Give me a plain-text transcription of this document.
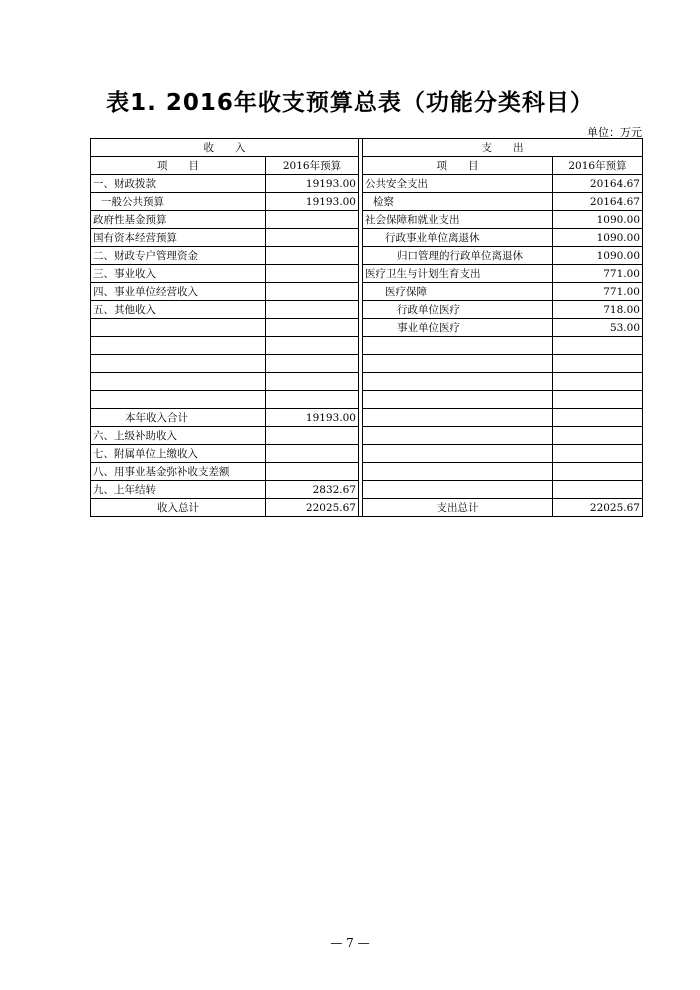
表1. 2016年收支预算总表（功能分类科目）
单位：万元
收　　入			支　　出	
项　　目	2016年预算		项　　目	2016年预算
一、财政拨款	19193.00		公共安全支出	20164.67
一般公共预算	19193.00		检察	20164.67
政府性基金预算			社会保障和就业支出	1090.00
国有资本经营预算			行政事业单位离退休	1090.00
二、财政专户管理资金			归口管理的行政单位离退休	1090.00
三、事业收入			医疗卫生与计划生育支出	771.00
四、事业单位经营收入			医疗保障	771.00
五、其他收入			行政单位医疗	718.00
			事业单位医疗	53.00

本年收入合计	19193.00			
六、上级补助收入				
七、附属单位上缴收入				
八、用事业基金弥补收支差额				
九、上年结转	2832.67			
收入总计	22025.67		支出总计	22025.67
— 7 —
